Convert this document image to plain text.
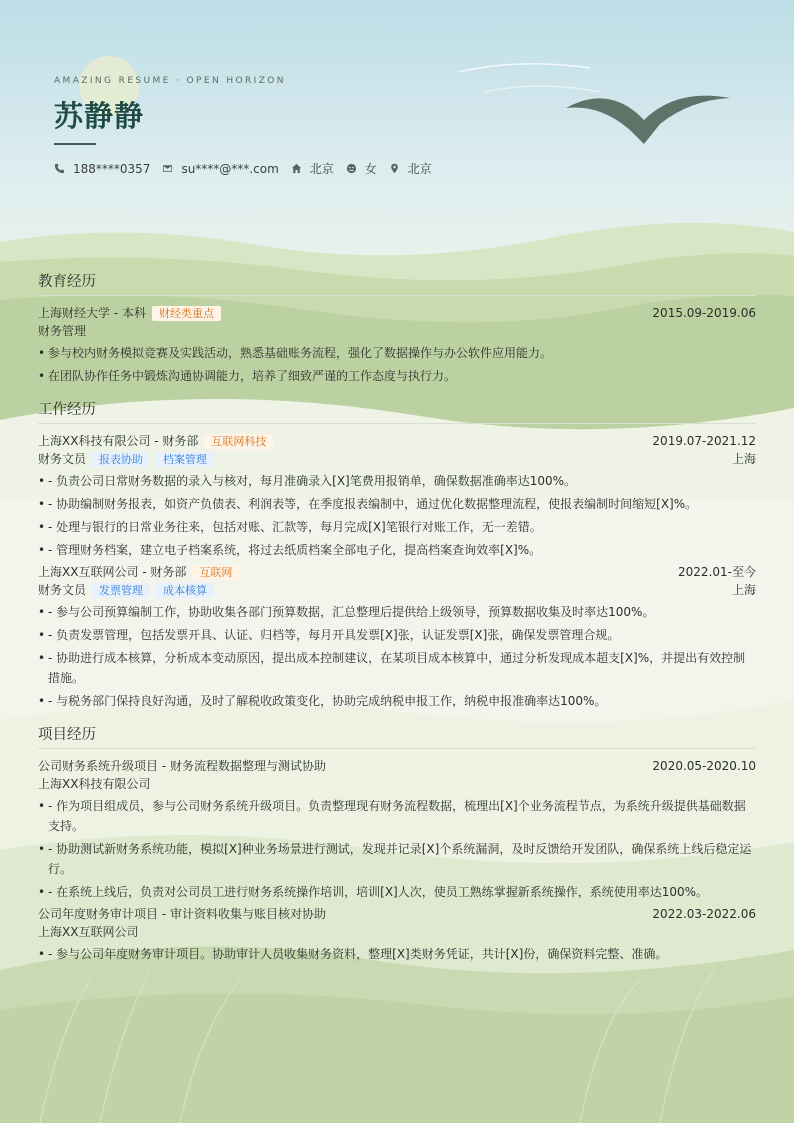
AMAZING RESUME · OPEN HORIZON
苏静静
188****0357	su****@***.com	北京	女	北京
教育经历
上海财经大学 - 本科	财经类重点	2015.09-2019.06
财务管理
• 参与校内财务模拟竞赛及实践活动，熟悉基础账务流程，强化了数据操作与办公软件应用能力。
• 在团队协作任务中锻炼沟通协调能力，培养了细致严谨的工作态度与执行力。
工作经历
上海XX科技有限公司 - 财务部	互联网科技	2019.07-2021.12
财务文员	报表协助	档案管理	上海
• - 负责公司日常财务数据的录入与核对，每月准确录入[X]笔费用报销单，确保数据准确率达100%。
• - 协助编制财务报表，如资产负债表、利润表等，在季度报表编制中，通过优化数据整理流程，使报表编制时间缩短[X]%。
• - 处理与银行的日常业务往来，包括对账、汇款等，每月完成[X]笔银行对账工作，无一差错。
• - 管理财务档案，建立电子档案系统，将过去纸质档案全部电子化，提高档案查询效率[X]%。
上海XX互联网公司 - 财务部	互联网	2022.01-至今
财务文员	发票管理	成本核算	上海
• - 参与公司预算编制工作，协助收集各部门预算数据，汇总整理后提供给上级领导，预算数据收集及时率达100%。
• - 负责发票管理，包括发票开具、认证、归档等，每月开具发票[X]张，认证发票[X]张，确保发票管理合规。
• - 协助进行成本核算，分析成本变动原因，提出成本控制建议，在某项目成本核算中，通过分析发现成本超支[X]%，并提出有效控制措施。
• - 与税务部门保持良好沟通，及时了解税收政策变化，协助完成纳税申报工作，纳税申报准确率达100%。
项目经历
公司财务系统升级项目 - 财务流程数据整理与测试协助	2020.05-2020.10
上海XX科技有限公司
• - 作为项目组成员，参与公司财务系统升级项目。负责整理现有财务流程数据，梳理出[X]个业务流程节点，为系统升级提供基础数据支持。
• - 协助测试新财务系统功能，模拟[X]种业务场景进行测试，发现并记录[X]个系统漏洞，及时反馈给开发团队，确保系统上线后稳定运行。
• - 在系统上线后，负责对公司员工进行财务系统操作培训，培训[X]人次，使员工熟练掌握新系统操作，系统使用率达100%。
公司年度财务审计项目 - 审计资料收集与账目核对协助	2022.03-2022.06
上海XX互联网公司
• - 参与公司年度财务审计项目。协助审计人员收集财务资料，整理[X]类财务凭证，共计[X]份，确保资料完整、准确。
